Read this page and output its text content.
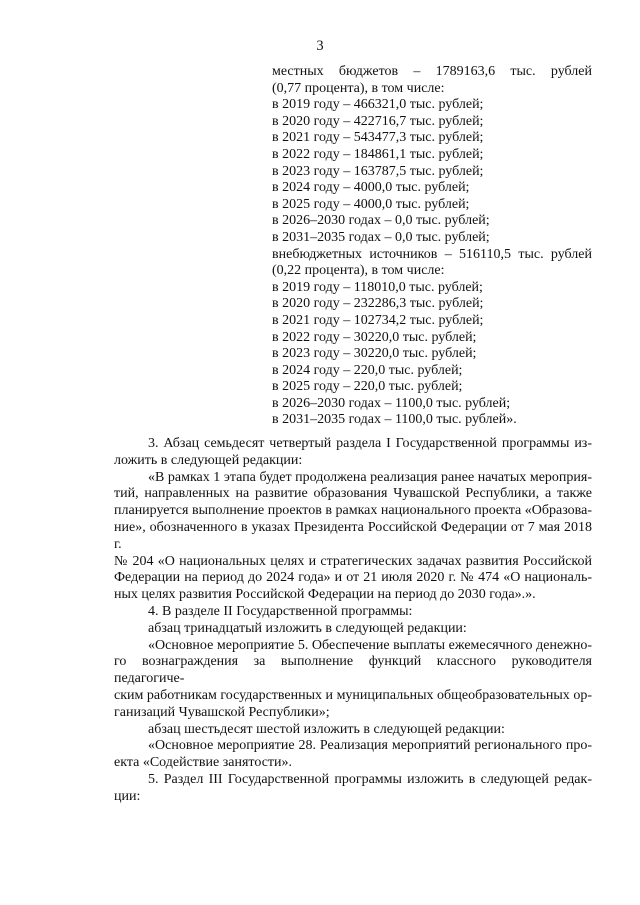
3
местных бюджетов – 1789163,6 тыс. рублей
(0,77 процента), в том числе:
в 2019 году – 466321,0 тыс. рублей;
в 2020 году – 422716,7 тыс. рублей;
в 2021 году – 543477,3 тыс. рублей;
в 2022 году – 184861,1 тыс. рублей;
в 2023 году – 163787,5 тыс. рублей;
в 2024 году – 4000,0 тыс. рублей;
в 2025 году – 4000,0 тыс. рублей;
в 2026–2030 годах – 0,0 тыс. рублей;
в 2031–2035 годах – 0,0 тыс. рублей;
внебюджетных источников – 516110,5 тыс. рублей
(0,22 процента), в том числе:
в 2019 году – 118010,0 тыс. рублей;
в 2020 году – 232286,3 тыс. рублей;
в 2021 году – 102734,2 тыс. рублей;
в 2022 году – 30220,0 тыс. рублей;
в 2023 году – 30220,0 тыс. рублей;
в 2024 году – 220,0 тыс. рублей;
в 2025 году – 220,0 тыс. рублей;
в 2026–2030 годах – 1100,0 тыс. рублей;
в 2031–2035 годах – 1100,0 тыс. рублей».

3. Абзац семьдесят четвертый раздела I Государственной программы из-

ложить в следующей редакции:

«В рамках 1 этапа будет продолжена реализация ранее начатых мероприя-

тий, направленных на развитие образования Чувашской Республики, а также

планируется выполнение проектов в рамках национального проекта «Образова-

ние», обозначенного в указах Президента Российской Федерации от 7 мая 2018 г.

№ 204 «О национальных целях и стратегических задачах развития Российской

Федерации на период до 2024 года» и от 21 июля 2020 г. № 474 «О националь-

ных целях развития Российской Федерации на период до 2030 года».».

4. В разделе II Государственной программы:

абзац тринадцатый изложить в следующей редакции:

«Основное мероприятие 5. Обеспечение выплаты ежемесячного денежно-

го вознаграждения за выполнение функций классного руководителя педагогиче-

ским работникам государственных и муниципальных общеобразовательных ор-

ганизаций Чувашской Республики»;

абзац шестьдесят шестой изложить в следующей редакции:

«Основное мероприятие 28. Реализация мероприятий регионального про-

екта «Содействие занятости».

5. Раздел III Государственной программы изложить в следующей редак-

ции:
